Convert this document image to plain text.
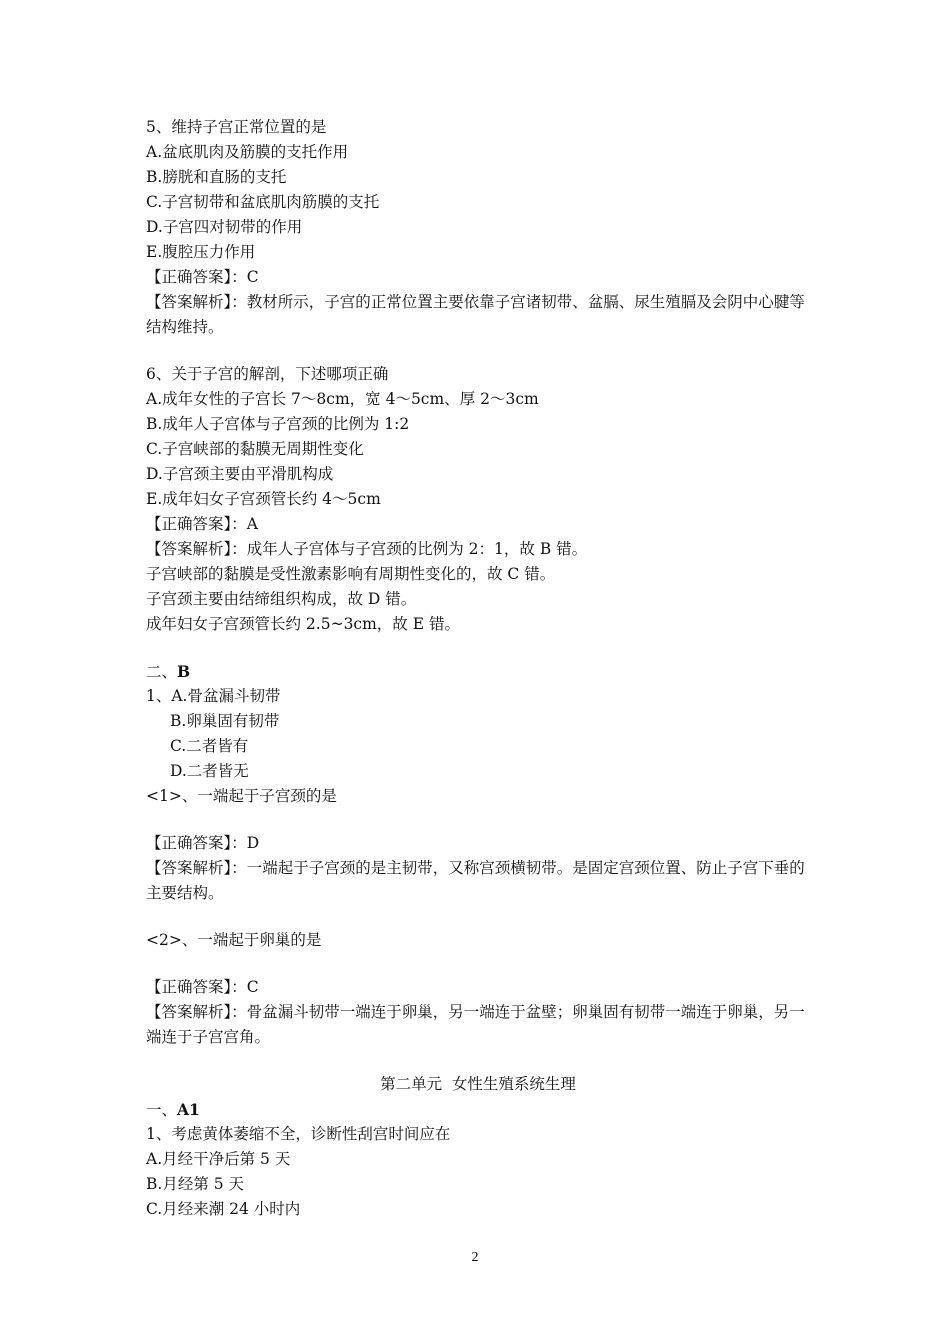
5、维持子宫正常位置的是
A.盆底肌肉及筋膜的支托作用
B.膀胱和直肠的支托
C.子宫韧带和盆底肌肉筋膜的支托
D.子宫四对韧带的作用
E.腹腔压力作用
【正确答案】：C
【答案解析】：教材所示，子宫的正常位置主要依靠子宫诸韧带、盆膈、尿生殖膈及会阴中心腱等结构维持。
6、关于子宫的解剖，下述哪项正确
A.成年女性的子宫长 7～8cm，宽 4～5cm、厚 2～3cm
B.成年人子宫体与子宫颈的比例为 1:2
C.子宫峡部的黏膜无周期性变化
D.子宫颈主要由平滑肌构成
E.成年妇女子宫颈管长约 4～5cm
【正确答案】：A
【答案解析】：成年人子宫体与子宫颈的比例为 2：1，故 B 错。
子宫峡部的黏膜是受性激素影响有周期性变化的，故 C 错。
子宫颈主要由结缔组织构成，故 D 错。
成年妇女子宫颈管长约 2.5~3cm，故 E 错。
二、B
1、A.骨盆漏斗韧带
B.卵巢固有韧带
C.二者皆有
D.二者皆无
<1>、一端起于子宫颈的是
【正确答案】：D
【答案解析】：一端起于子宫颈的是主韧带，又称宫颈横韧带。是固定宫颈位置、防止子宫下垂的主要结构。
<2>、一端起于卵巢的是
【正确答案】：C
【答案解析】：骨盆漏斗韧带一端连于卵巢，另一端连于盆壁；卵巢固有韧带一端连于卵巢，另一端连于子宫宫角。
第二单元  女性生殖系统生理
一、A1
1、考虑黄体萎缩不全，诊断性刮宫时间应在
A.月经干净后第 5 天
B.月经第 5 天
C.月经来潮 24 小时内
2
